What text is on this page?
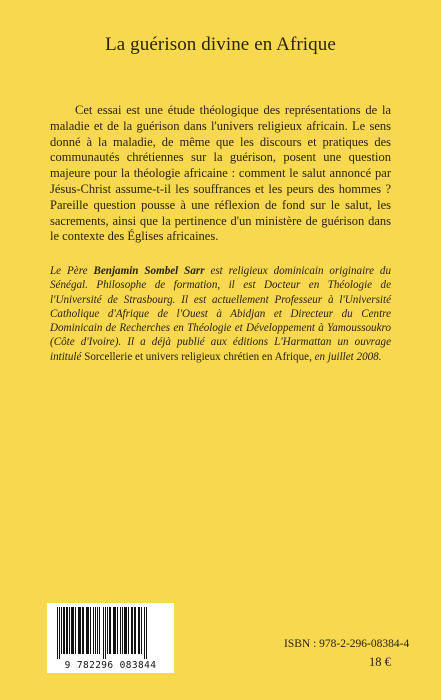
La guérison divine en Afrique

Cet essai est une étude théologique des représentations de la maladie et de la guérison dans l'univers religieux africain. Le sens donné à la maladie, de même que les discours et pratiques des communautés chrétiennes sur la guérison, posent une question majeure pour la théologie africaine : comment le salut annoncé par Jésus-Christ assume-t-il les souffrances et les peurs des hommes ? Pareille question pousse à une réflexion de fond sur le salut, les sacrements, ainsi que la pertinence d'un ministère de guérison dans le contexte des Églises africaines.

Le Père Benjamin Sombel Sarr est religieux dominicain originaire du Sénégal. Philosophe de formation, il est Docteur en Théologie de l'Université de Strasbourg. Il est actuellement Professeur à l'Université Catholique d'Afrique de l'Ouest à Abidjan et Directeur du Centre Dominicain de Recherches en Théologie et Développement à Yamoussoukro (Côte d'Ivoire). Il a déjà publié aux éditions L'Harmattan un ouvrage intitulé Sorcellerie et univers religieux chrétien en Afrique, en juillet 2008.

9 782296 083844
ISBN : 978-2-296-08384-4
18 €
